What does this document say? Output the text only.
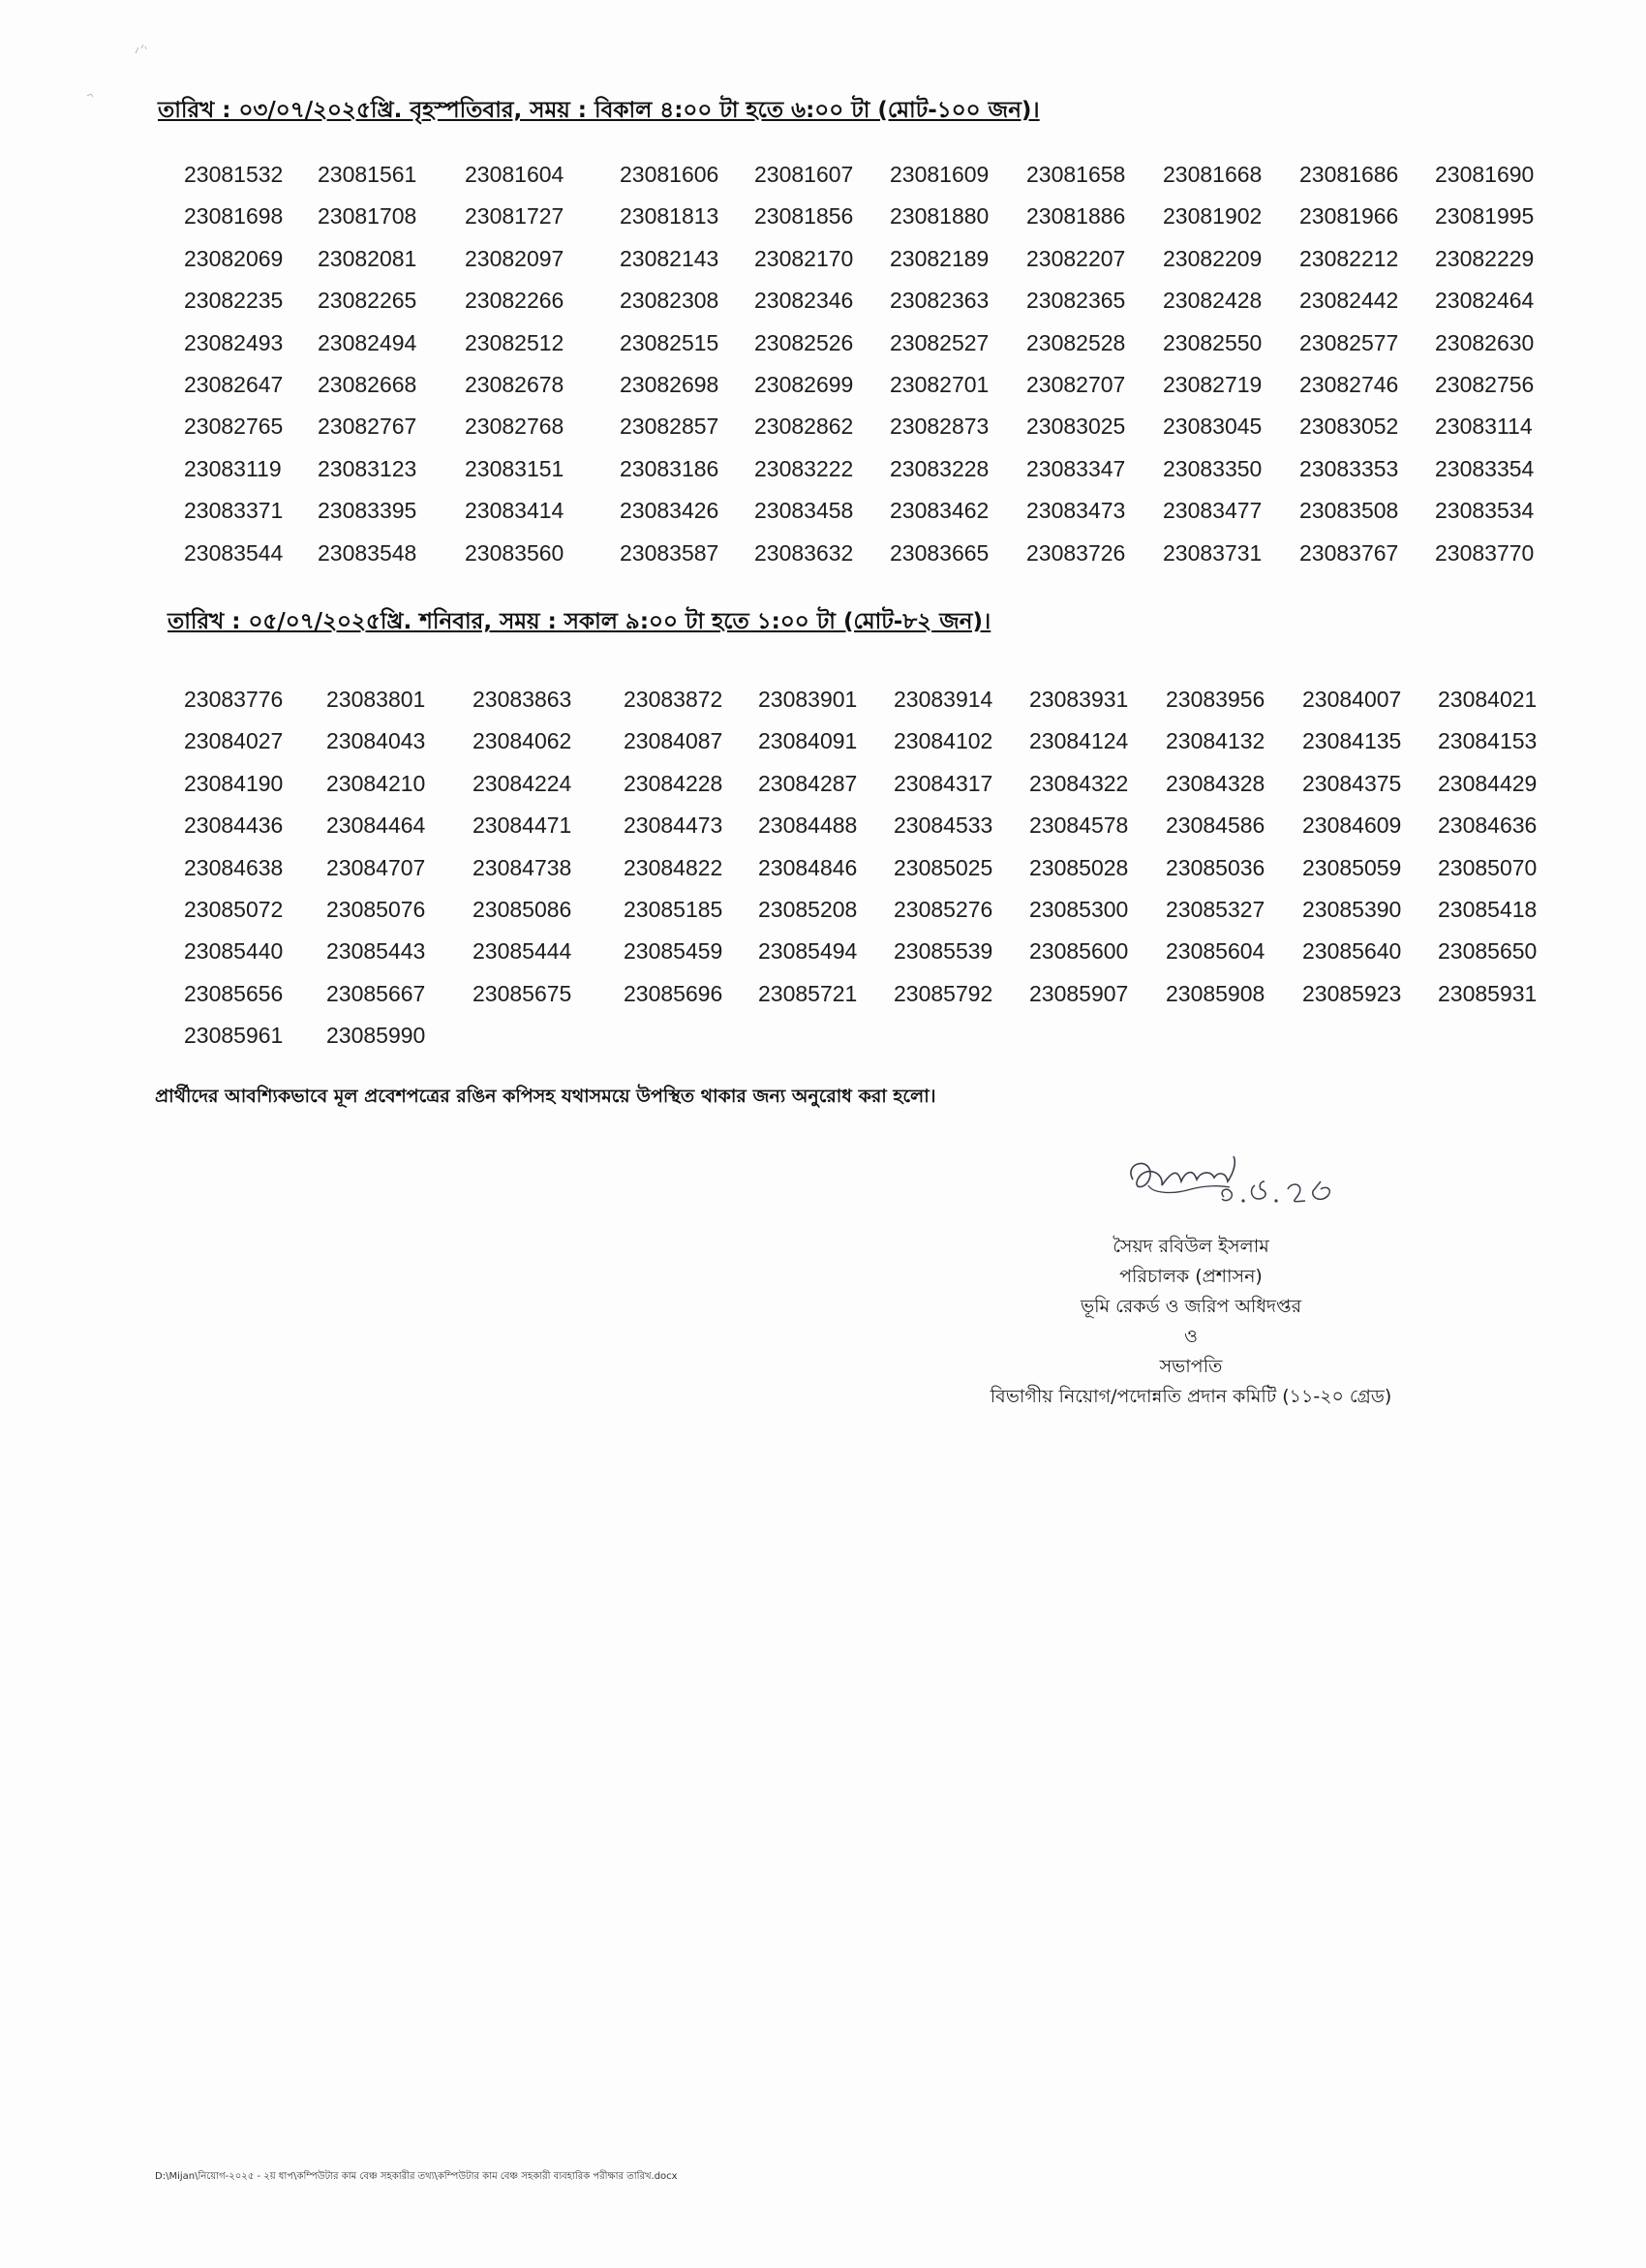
তারিখ : ০৩/০৭/২০২৫খ্রি. বৃহস্পতিবার, সময় : বিকাল ৪:০০ টা হতে ৬:০০ টা (মোট-১০০ জন)।
23081532 23081561 23081604	23081606 23081607 23081609 23081658 23081668 23081686 23081690
23081698 23081708 23081727	23081813 23081856 23081880 23081886 23081902 23081966 23081995
23082069 23082081 23082097	23082143 23082170 23082189 23082207 23082209 23082212 23082229
23082235 23082265 23082266	23082308 23082346 23082363 23082365 23082428 23082442 23082464
23082493 23082494 23082512	23082515 23082526 23082527 23082528 23082550 23082577 23082630
23082647 23082668 23082678	23082698 23082699 23082701 23082707 23082719 23082746 23082756
23082765 23082767 23082768	23082857 23082862 23082873 23083025 23083045 23083052 23083114
23083119 23083123 23083151	23083186 23083222 23083228 23083347 23083350 23083353 23083354
23083371 23083395 23083414	23083426 23083458 23083462 23083473 23083477 23083508 23083534
23083544 23083548 23083560	23083587 23083632 23083665 23083726 23083731 23083767 23083770
তারিখ : ০৫/০৭/২০২৫খ্রি. শনিবার, সময় : সকাল ৯:০০ টা হতে ১:০০ টা (মোট-৮২ জন)।
23083776 23083801 23083863 23083872 23083901 23083914 23083931 23083956 23084007 23084021
23084027 23084043 23084062 23084087 23084091 23084102 23084124 23084132 23084135 23084153
23084190 23084210 23084224 23084228 23084287 23084317 23084322 23084328 23084375 23084429
23084436 23084464 23084471 23084473 23084488 23084533 23084578 23084586 23084609 23084636
23084638 23084707 23084738 23084822 23084846 23085025 23085028 23085036 23085059 23085070
23085072 23085076 23085086 23085185 23085208 23085276 23085300 23085327 23085390 23085418
23085440 23085443 23085444 23085459 23085494 23085539 23085600 23085604 23085640 23085650
23085656 23085667 23085675 23085696 23085721 23085792 23085907 23085908 23085923 23085931
23085961 23085990

প্রার্থীদের আবশ্যিকভাবে মূল প্রবেশপত্রের রঙিন কপিসহ যথাসময়ে উপস্থিত থাকার জন্য অনুরোধ করা হলো।

সৈয়দ রবিউল ইসলাম
পরিচালক (প্রশাসন)
ভূমি রেকর্ড ও জরিপ অধিদপ্তর
ও
সভাপতি
বিভাগীয় নিয়োগ/পদোন্নতি প্রদান কমিটি (১১-২০ গ্রেড)
D:\Mijan\নিয়োগ-২০২৫ - ২য় ধাপ\কম্পিউটার কাম বেঞ্চ সহকারীর তথ্য\কম্পিউটার কাম বেঞ্চ সহকারী ব্যবহারিক পরীক্ষার তারিখ.docx
